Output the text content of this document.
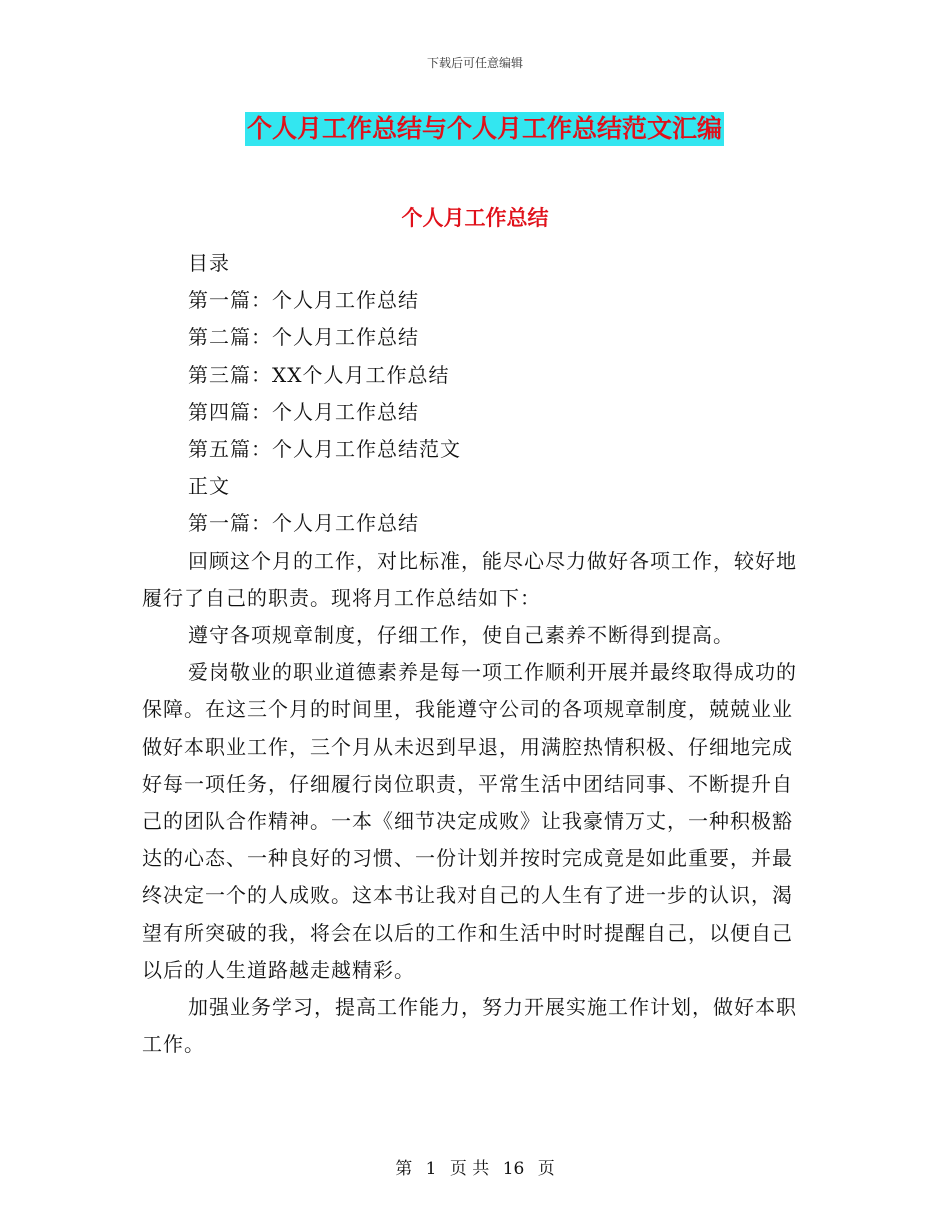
下载后可任意编辑
个人月工作总结与个人月工作总结范文汇编
个人月工作总结

目录

第一篇：个人月工作总结

第二篇：个人月工作总结

第三篇：XX个人月工作总结

第四篇：个人月工作总结

第五篇：个人月工作总结范文

正文

第一篇：个人月工作总结

回顾这个月的工作，对比标准，能尽心尽力做好各项工作，较好地履行了自己的职责。现将月工作总结如下：

遵守各项规章制度，仔细工作，使自己素养不断得到提高。

爱岗敬业的职业道德素养是每一项工作顺利开展并最终取得成功的保障。在这三个月的时间里，我能遵守公司的各项规章制度，兢兢业业做好本职业工作，三个月从未迟到早退，用满腔热情积极、仔细地完成好每一项任务，仔细履行岗位职责，平常生活中团结同事、不断提升自己的团队合作精神。一本《细节决定成败》让我豪情万丈，一种积极豁达的心态、一种良好的习惯、一份计划并按时完成竟是如此重要，并最终决定一个的人成败。这本书让我对自己的人生有了进一步的认识，渴望有所突破的我，将会在以后的工作和生活中时时提醒自己，以便自己以后的人生道路越走越精彩。

加强业务学习，提高工作能力，努力开展实施工作计划，做好本职工作。

第 1 页 共 16 页
